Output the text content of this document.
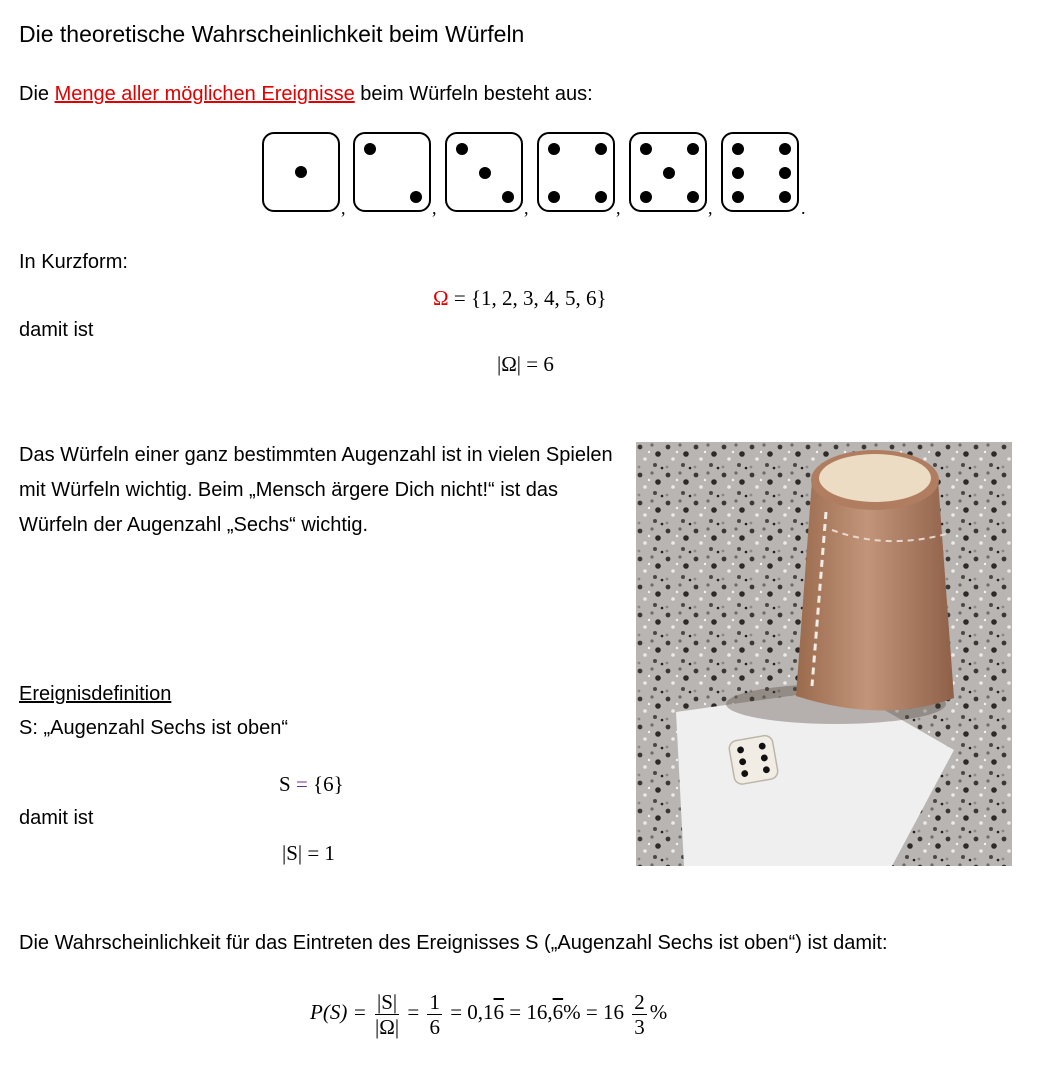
Die theoretische Wahrscheinlichkeit beim Würfeln
Die Menge aller möglichen Ereignisse beim Würfeln besteht aus:
,	,	,	,	,	.
In Kurzform:
Ω = {1, 2, 3, 4, 5, 6}
damit ist
|Ω| = 6
Das Würfeln einer ganz bestimmten Augenzahl ist in vielen Spielen mit Würfeln wichtig. Beim „Mensch ärgere Dich nicht!“ ist das Würfeln der Augenzahl „Sechs“ wichtig.
Ereignisdefinition
S: „Augenzahl Sechs ist oben“
S = {6}
damit ist
|S| = 1
Die Wahrscheinlichkeit für das Eintreten des Ereignisses S („Augenzahl Sechs ist oben“) ist damit:
$P(S) = \frac{|S|}{|\Omega|} = \frac{1}{6} = 0,16 = 16,6\% = 16 \frac{2}{3}$ %
